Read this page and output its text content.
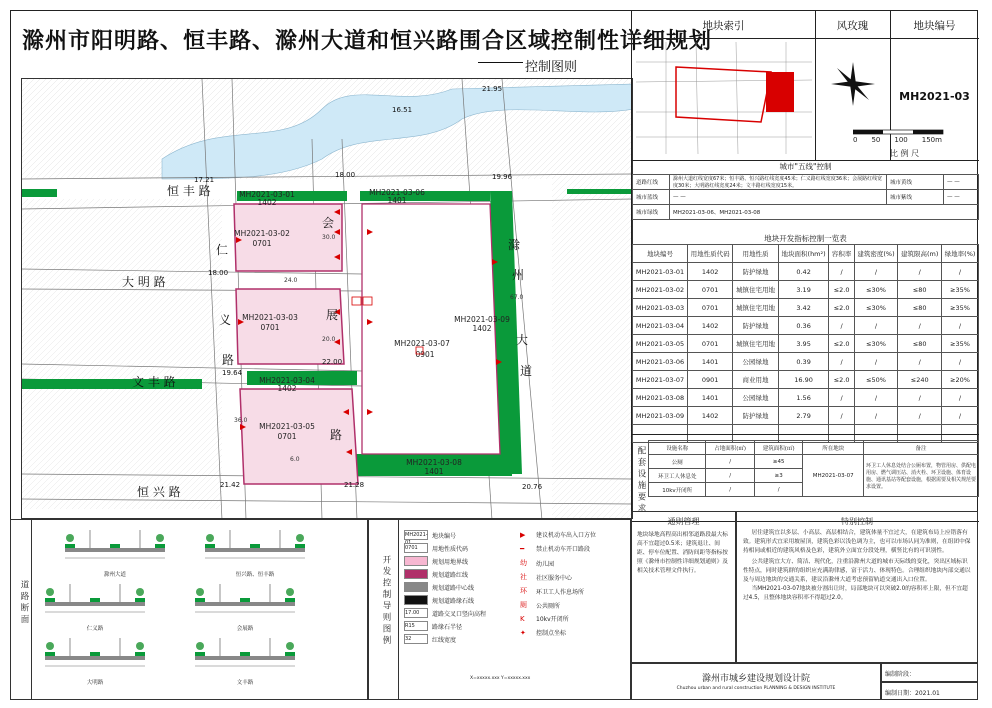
滁州市阳明路、恒丰路、滁州大道和恒兴路围合区域控制性详细规划
控制图则
恒 丰 路
大 明 路
文 丰 路
恒 兴 路
仁
义
路
会
展
路
滁
州
大
道
MH2021-03-01
1402
MH2021-03-02
0701
MH2021-03-03
0701
MH2021-03-04
1402
MH2021-03-05
0701
MH2021-03-06
1401
MH2021-03-07
0901
MH2021-03-08
1401
MH2021-03-09
1402
16.51
21.95
17.21
18.00	19.96
18.00
19.64
22.00
21.42	21.28	20.76
24.0
30.0
20.0
36.0
67.0
6.0
地块索引	风玫瑰	地块编号
MH2021-03
0 50 100 150m
比 例 尺
城市"五线"控制
道路红线	滁州大道红线宽度67米；恒丰路、恒兴路红线宽度45米；仁义路红线宽度36米；会展路红线宽度30米；大明路红线宽度24米；文丰路红线宽度15米。	城市黄线	— —
城市蓝线	— —	城市紫线	— —
城市绿线	MH2021-03-06、MH2021-03-08		
地块开发指标控制一览表
地块编号	用地性质代码	用地性质	地块面积(hm²)	容积率	建筑密度(%)	建筑限高(m)	绿地率(%)
MH2021-03-01	1402	防护绿地	0.42	/	/	/	/
MH2021-03-02	0701	城镇住宅用地	3.19	≤2.0	≤30%	≤80	≥35%
MH2021-03-03	0701	城镇住宅用地	3.42	≤2.0	≤30%	≤80	≥35%
MH2021-03-04	1402	防护绿地	0.36	/	/	/	/
MH2021-03-05	0701	城镇住宅用地	3.95	≤2.0	≤30%	≤80	≥35%
MH2021-03-06	1401	公园绿地	0.39	/	/	/	/
MH2021-03-07	0901	商业用地	16.90	≤2.0	≤50%	≤240	≥20%
MH2021-03-08	1401	公园绿地	1.56	/	/	/	/
MH2021-03-09	1402	防护绿地	2.79	/	/	/	/

配套设施要求	设施名称	占地面积(㎡)	建筑面积(㎡)	所在地块	备注
公厕	/	≥45	MH2021-03-07	环卫工人休息处结合公厕布置，物管用房、供配电用房、燃气调压站、消火栓、环卫设施、体育设施、通讯基站等配套设施，根据需要及相关规范要求设置。
环卫工人休息处	/	≥3		
10kv开闭所	/	/		
通则管理
地块绿地高程高出相邻道路段最大标高不宜超过0.5米；建筑退让、间距、停车位配置、消防间距等指标按照《滁州市控制性详细规划通则》及相关技术管理文件执行。
特别控制
居住建筑宜以多层、小高层、高层相结合，建筑体量不宜过大，在建筑布局上应错落有致。建筑形式宜采用坡屋顶，建筑色彩以浅色调为主，也可以市场认同为准则，在组团中保持相同或相近的建筑风格及色彩，建筑外立面宜分段处理，横竖比有的可识别性。
公共建筑宜大方、简洁、现代化，注重沿滁州大道的城市天际线的变化，突出区域标识性特点，同时建筑群的组织应充满韵律感，富于活力、体现特色。合理组织地块内部交通以及与周边地块的交通关系，建议沿滁州大道考虑预留轨道交通出入口位置。
当MH2021-03-07地块被分割出让时，局部地块可以突破2.0的容积率上限，但不宜超过4.5，且整体地块容积率不得超过2.0。
滁州市城乡建设规划设计院
Chuzhou urban and rural construction PLANNING & DESIGN INSTITUTE
编制阶段：
编制日期：2021.01
道路断面
滁州大道	恒兴路、恒丰路
仁义路	会展路
大明路	文丰路
开发控制导则图例
MH2021- 地块编号
0701	用地性质代码
规划用地界线
规划道路红线
规划道路中心线
规划道路缘石线
17.00	道路交叉口竖向高程
R15	路缘石半径
32	红线宽度
▶	建议机动车出入口方位
━	禁止机动车开口路段
幼	幼儿园
社	社区服务中心
环	环卫工人作息场所
厕	公共厕所
K	10kv开闭所
✦	控制点坐标
X=xxxxx.xxx Y=xxxxx.xxx
